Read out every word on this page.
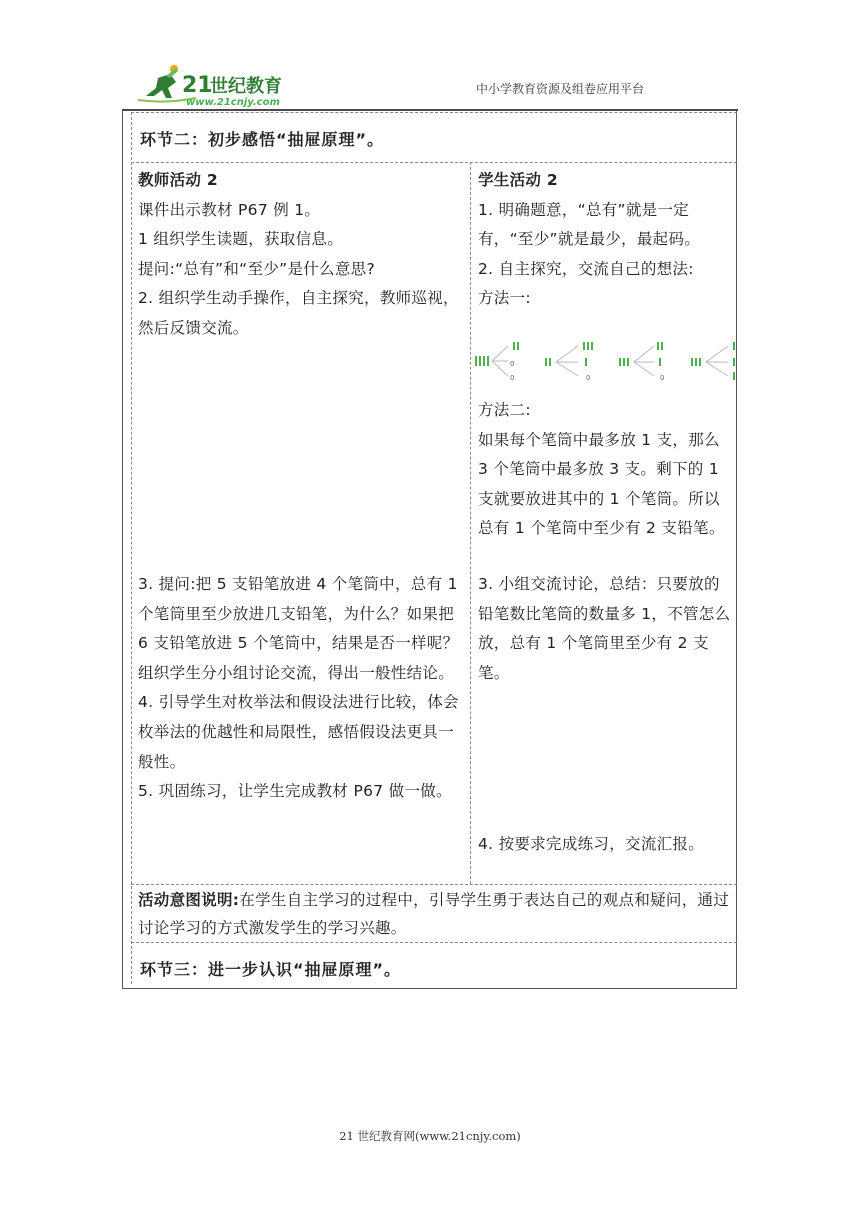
21
世纪教育
www.21cnjy.com
中小学教育资源及组卷应用平台
环节二：初步感悟“抽屉原理”。

教师活动 2

课件出示教材 P67 例 1。

1 组织学生读题，获取信息。

提问:“总有”和“至少”是什么意思?

2. 组织学生动手操作，自主探究，教师巡视，然后反馈交流。

3. 提问:把 5 支铅笔放进 4 个笔筒中，总有 1 个笔筒里至少放进几支铅笔，为什么？如果把 6 支铅笔放进 5 个笔筒中，结果是否一样呢？

组织学生分小组讨论交流，得出一般性结论。

4. 引导学生对枚举法和假设法进行比较，体会枚举法的优越性和局限性，感悟假设法更具一般性。

5. 巩固练习，让学生完成教材 P67 做一做。

学生活动 2

1. 明确题意，“总有”就是一定有，“至少”就是最少，最起码。

2. 自主探究，交流自己的想法:

方法一:

0
0	0	0

方法二:

如果每个笔筒中最多放 1 支，那么 3 个笔筒中最多放 3 支。剩下的 1 支就要放进其中的 1 个笔筒。所以总有 1 个笔筒中至少有 2 支铅笔。

3. 小组交流讨论，总结：只要放的铅笔数比笔筒的数量多 1，不管怎么放，总有 1 个笔筒里至少有 2 支笔。

4. 按要求完成练习，交流汇报。

活动意图说明:在学生自主学习的过程中，引导学生勇于表达自己的观点和疑问，通过讨论学习的方式激发学生的学习兴趣。
环节三：进一步认识“抽屉原理”。
21 世纪教育网(www.21cnjy.com)
